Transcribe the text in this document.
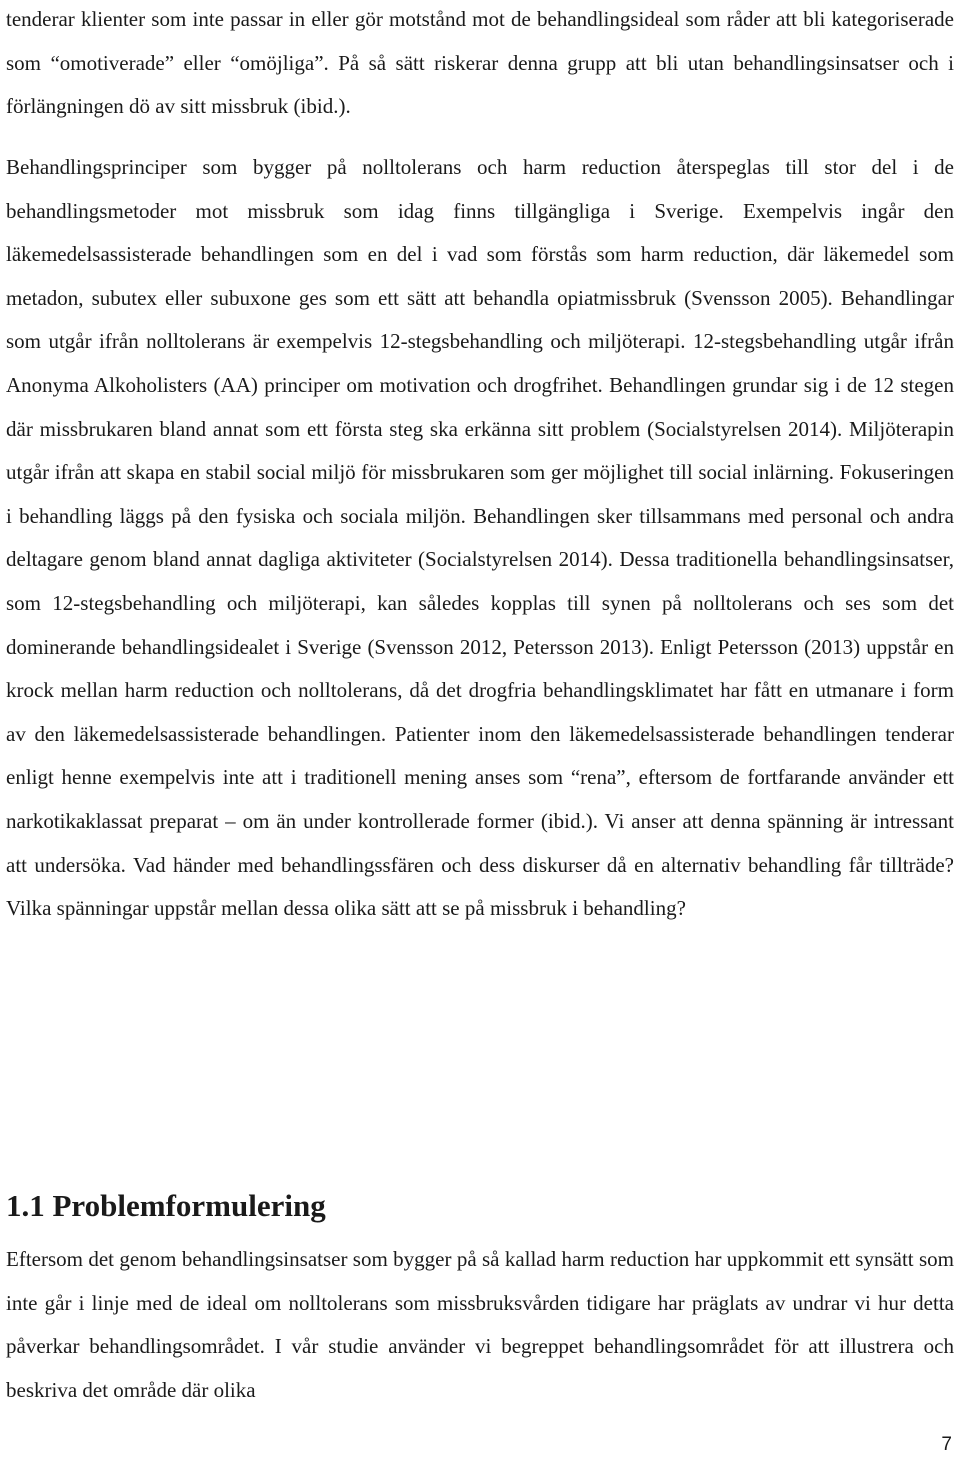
tenderar klienter som inte passar in eller gör motstånd mot de behandlingsideal som råder att bli kategoriserade som “omotiverade” eller “omöjliga”. På så sätt riskerar denna grupp att bli utan behandlingsinsatser och i förlängningen dö av sitt missbruk (ibid.).

Behandlingsprinciper som bygger på nolltolerans och harm reduction återspeglas till stor del i de behandlingsmetoder mot missbruk som idag finns tillgängliga i Sverige. Exempelvis ingår den läkemedelsassisterade behandlingen som en del i vad som förstås som harm reduction, där läkemedel som metadon, subutex eller subuxone ges som ett sätt att behandla opiatmissbruk (Svensson 2005). Behandlingar som utgår ifrån nolltolerans är exempelvis 12-stegsbehandling och miljöterapi. 12-stegsbehandling utgår ifrån Anonyma Alkoholisters (AA) principer om motivation och drogfrihet. Behandlingen grundar sig i de 12 stegen där missbrukaren bland annat som ett första steg ska erkänna sitt problem (Socialstyrelsen 2014). Miljöterapin utgår ifrån att skapa en stabil social miljö för missbrukaren som ger möjlighet till social inlärning. Fokuseringen i behandling läggs på den fysiska och sociala miljön. Behandlingen sker tillsammans med personal och andra deltagare genom bland annat dagliga aktiviteter (Socialstyrelsen 2014). Dessa traditionella behandlingsinsatser, som 12-stegsbehandling och miljöterapi, kan således kopplas till synen på nolltolerans och ses som det dominerande behandlingsidealet i Sverige (Svensson 2012, Petersson 2013). Enligt Petersson (2013) uppstår en krock mellan harm reduction och nolltolerans, då det drogfria behandlingsklimatet har fått en utmanare i form av den läkemedelsassisterade behandlingen. Patienter inom den läkemedelsassisterade behandlingen tenderar enligt henne exempelvis inte att i traditionell mening anses som “rena”, eftersom de fortfarande använder ett narkotikaklassat preparat – om än under kontrollerade former (ibid.). Vi anser att denna spänning är intressant att undersöka. Vad händer med behandlingssfären och dess diskurser då en alternativ behandling får tillträde? Vilka spänningar uppstår mellan dessa olika sätt att se på missbruk i behandling?

1.1 Problemformulering

Eftersom det genom behandlingsinsatser som bygger på så kallad harm reduction har uppkommit ett synsätt som inte går i linje med de ideal om nolltolerans som missbruksvården tidigare har präglats av undrar vi hur detta påverkar behandlingsområdet. I vår studie använder vi begreppet behandlingsområdet för att illustrera och beskriva det område där olika

7
